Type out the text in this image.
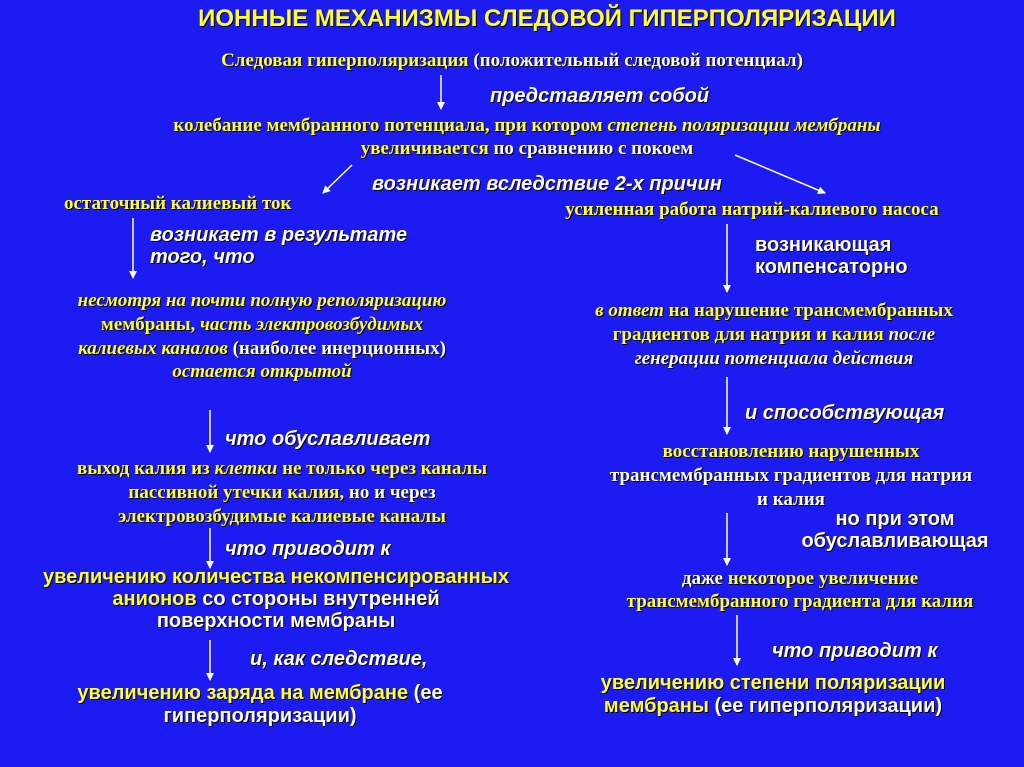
ИОННЫЕ МЕХАНИЗМЫ СЛЕДОВОЙ ГИПЕРПОЛЯРИЗАЦИИ
Следовая гиперполяризация (положительный следовой потенциал)
представляет собой
колебание мембранного потенциала, при котором степень поляризации мембраны
увеличивается по сравнению с покоем
возникает вследствие 2-х причин
остаточный калиевый ток
возникает в результате
того, что
несмотря на почти полную реполяризацию
мембраны, часть электровозбудимых
калиевых каналов (наиболее инерционных)
остается открытой
что обуславливает
выход калия из клетки не только через каналы
пассивной утечки калия, но и через
электровозбудимые калиевые каналы
что приводит к
увеличению количества некомпенсированных
анионов со стороны внутренней
поверхности мембраны
и, как следствие,
увеличению заряда на мембране (ее
гиперполяризации)
усиленная работа натрий-калиевого насоса
возникающая
компенсаторно
в ответ на нарушение трансмембранных
градиентов для натрия и калия после
генерации потенциала действия
и способствующая
восстановлению нарушенных
трансмембранных градиентов для натрия
и калия
но при этом
обуславливающая
даже некоторое увеличение
трансмембранного градиента для калия
что приводит к
увеличению степени поляризации
мембраны (ее гиперполяризации)
